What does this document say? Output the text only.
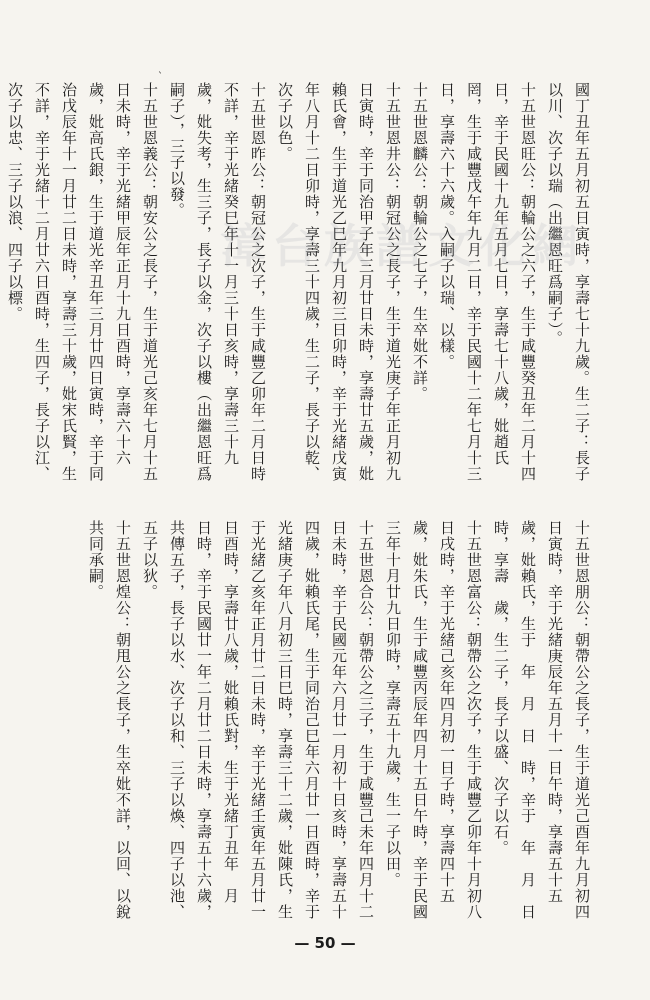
ˋ
國丁丑年五月初五日寅時，享壽七十九歲。生二子：長子以川、次子以瑞（出繼恩旺爲嗣子）。
十五世恩旺公：朝輪公之六子，生于咸豐癸丑年二月十四日，辛于民國十九年五月七日，享壽七十八歲，妣趙氏罔，生于咸豐戊午年九月二日，辛于民國十二年七月十三日，享壽六十六歲。入嗣子以瑞、以樣。
十五世恩麟公：朝輪公之七子，生卒妣不詳。
十五世恩井公：朝冠公之長子，生于道光庚子年正月初九日寅時，辛于同治甲子年三月廿日未時，享壽廿五歲，妣賴氏會，生于道光乙巳年九月初三日卯時，辛于光緒戊寅年八月十二日卯時，享壽三十四歲，生二子，長子以乾、次子以色。
十五世恩昨公：朝冠公之次子，生于咸豐乙卯年二月日時不詳，辛于光緒癸巳年十一月三十日亥時，享壽三十九歲，妣失考，生三子，長子以金，次子以樓（出繼恩旺爲嗣子），三子以發。
十五世恩義公：朝安公之長子，生于道光己亥年七月十五日未時，辛于光緒甲辰年正月十九日酉時，享壽六十六歲，妣高氏銀，生于道光辛丑年三月廿四日寅時，辛于同治戊辰年十一月廿二日未時，享壽三十歲，妣宋氏賢，生不詳，辛于光緒十二月廿六日酉時，生四子，長子以江、次子以忠、三子以浪、四子以標。
十五世恩朋公：朝帶公之長子，生于道光己酉年九月初四日寅時，辛于光緒庚辰年五月十一日午時，享壽五十五歲，妣賴氏，生于　年　月　日　時，辛于　年　月　日　時，享壽　歲，生二子，長子以盛、次子以石。
十五世恩富公：朝帶公之次子，生于咸豐乙卯年十月初八日戌時，辛于光緒己亥年四月初一日子時，享壽四十五歲，妣朱氏，生于咸豐丙辰年四月十五日午時，辛于民國三年十月廿九日卯時，享壽五十九歲，生一子以田。
十五世恩合公：朝帶公之三子，生于咸豐己未年四月十二日未時，辛于民國元年六月廿一月初十日亥時，享壽五十四歲，妣賴氏尾，生于同治己巳年六月廿一日酉時，辛于光緒庚子年八月初三日巳時，享壽三十二歲，妣陳氏，生于光緒乙亥年正月廿二日未時，辛于光緒壬寅年五月廿一日酉時，享壽廿八歲，妣賴氏對，生于光緒丁丑年　月　日時，辛于民國廿一年二月廿二日未時，享壽五十六歲，共傳五子，長子以水、次子以和、三子以煥、四子以池、五子以狄。
十五世恩煌公：朝甩公之長子，生卒妣不詳，以回、以銳共同承嗣。
漳台族譜文化網
— 50 —
